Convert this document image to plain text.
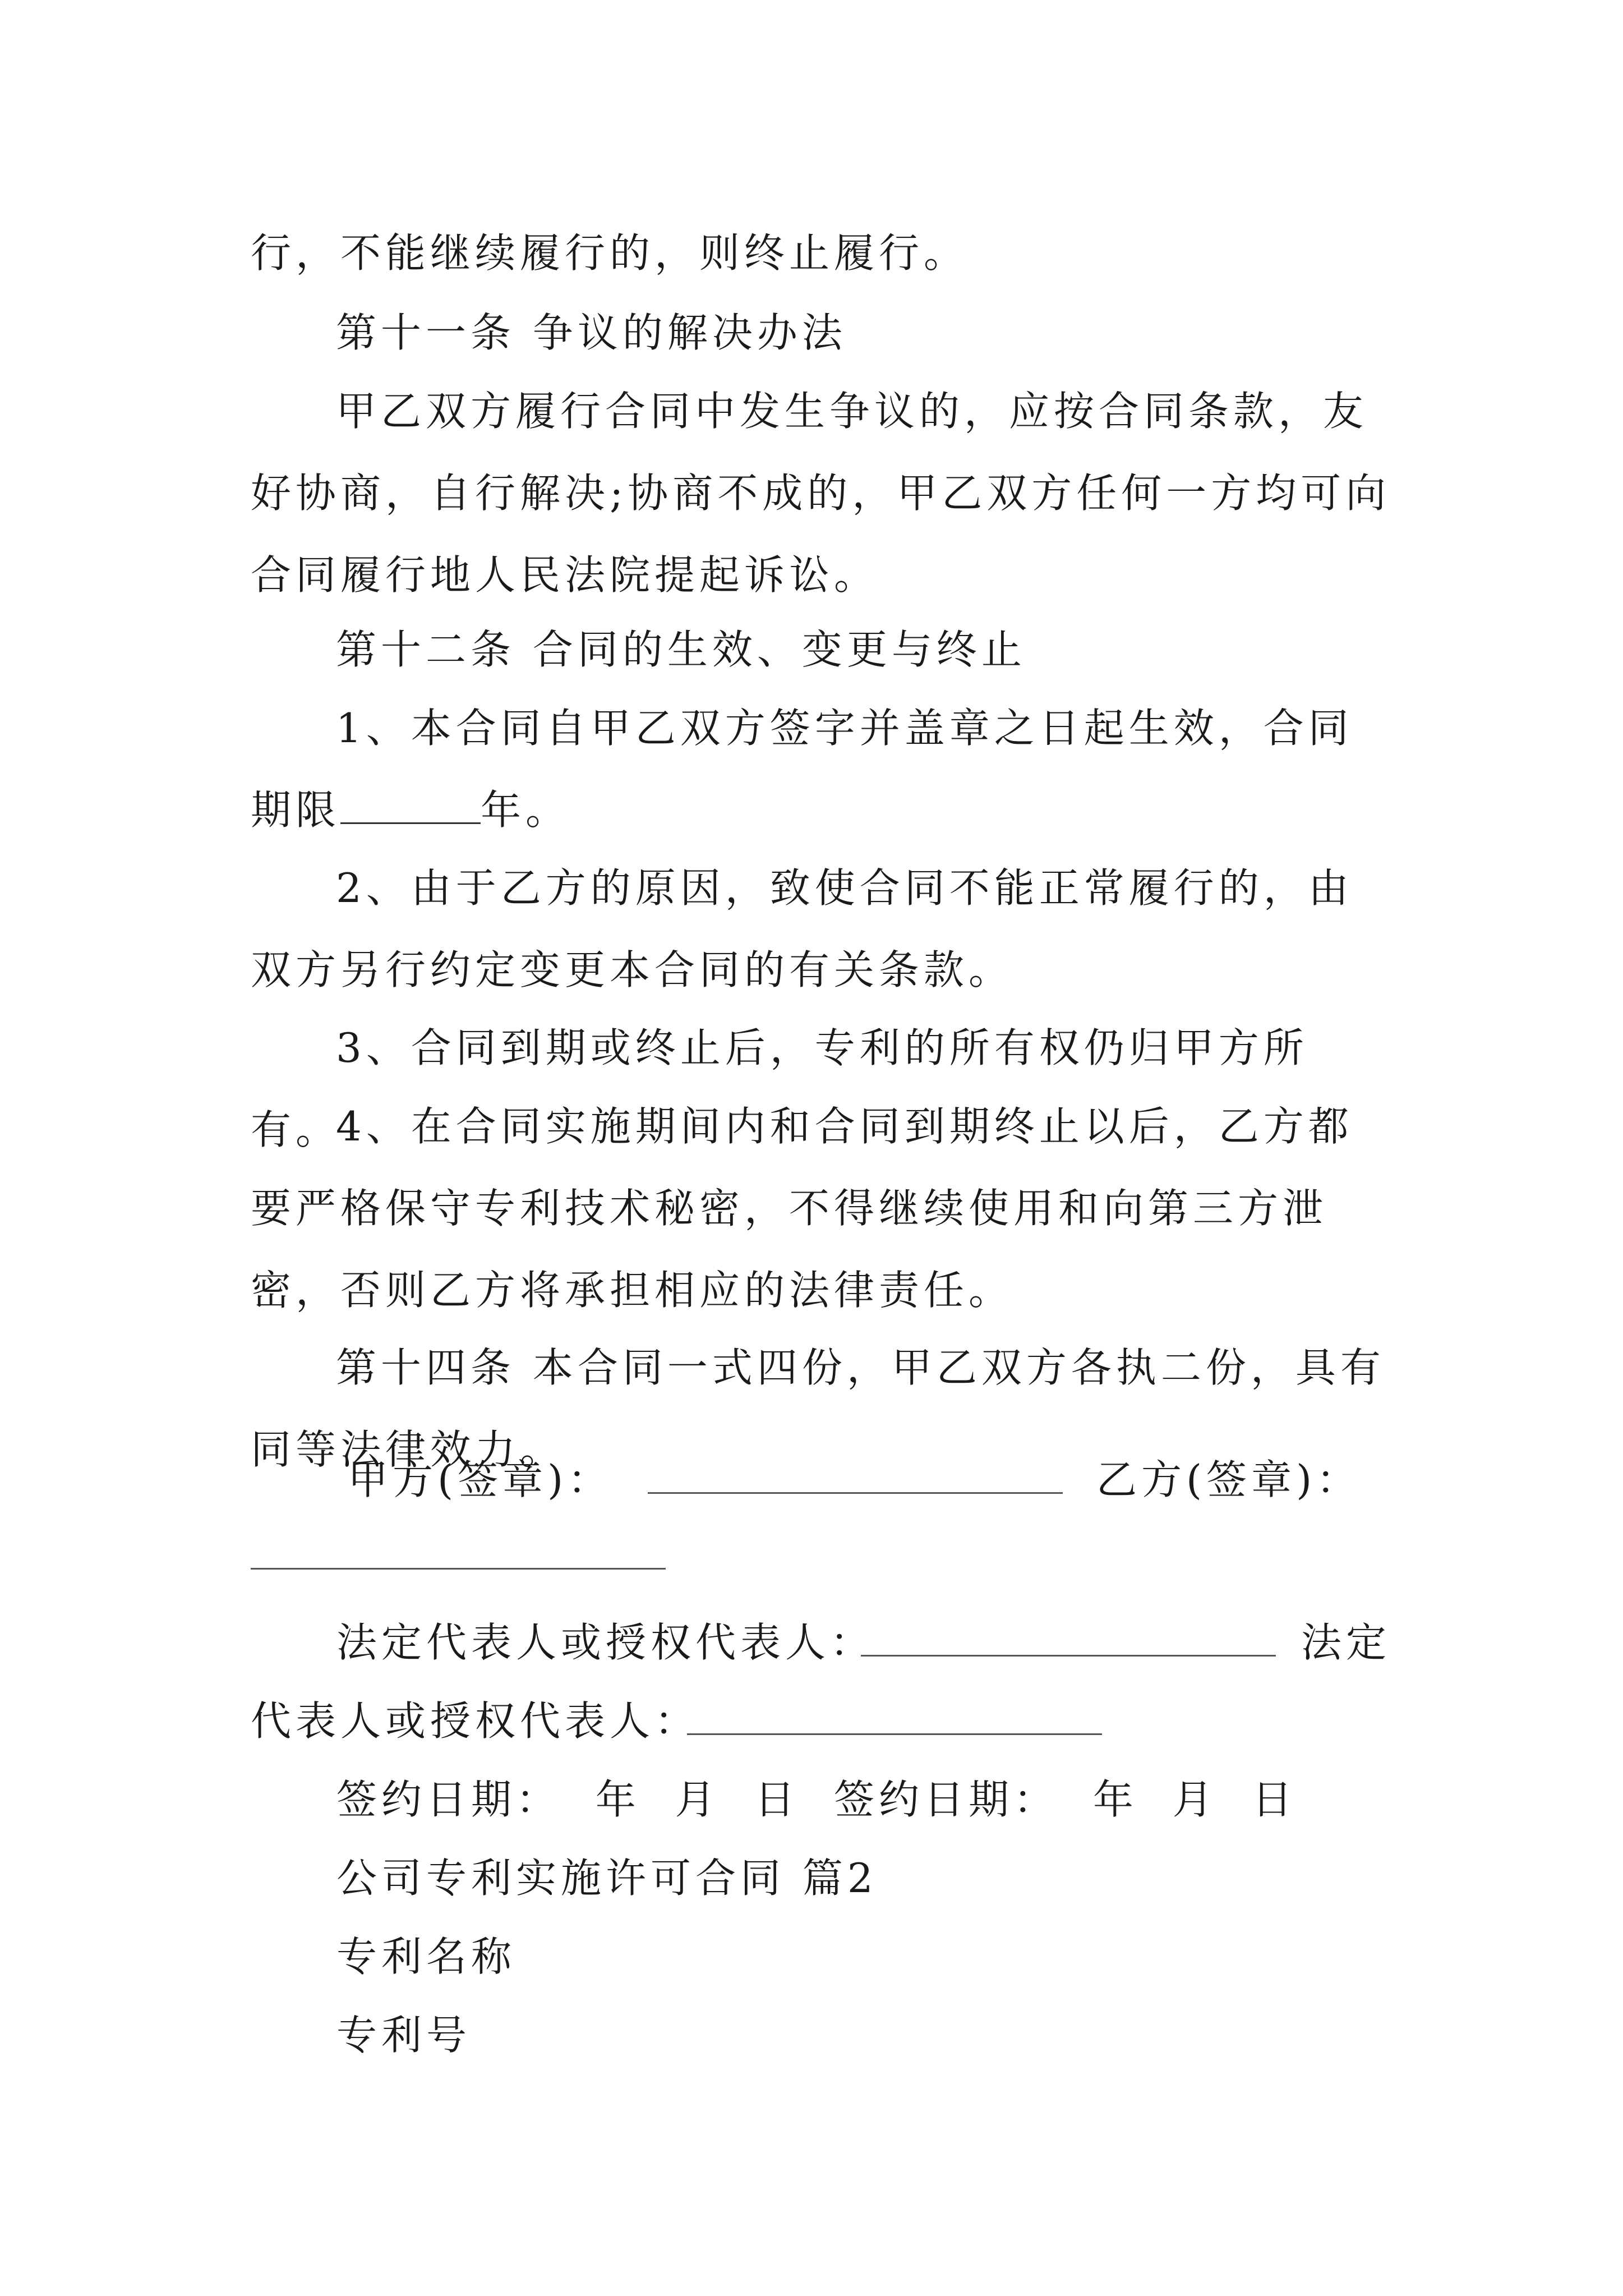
行，不能继续履行的，则终止履行。

第十一条 争议的解决办法

甲乙双方履行合同中发生争议的，应按合同条款，友好协商，自行解决;协商不成的，甲乙双方任何一方均可向合同履行地人民法院提起诉讼。

第十二条 合同的生效、变更与终止

1、本合同自甲乙双方签字并盖章之日起生效，合同期限	年。

2、由于乙方的原因，致使合同不能正常履行的，由双方另行约定变更本合同的有关条款。

3、合同到期或终止后，专利的所有权仍归甲方所有。

4、在合同实施期间内和合同到期终止以后，乙方都要严格保守专利技术秘密，不得继续使用和向第三方泄密，否则乙方将承担相应的法律责任。

第十四条 本合同一式四份，甲乙双方各执二份，具有同等法律效力。

甲方(签章)：	乙方(签章)：

法定代表人或授权代表人：	法定

代表人或授权代表人：

签约日期：  年  月  日  签约日期：  年  月  日

公司专利实施许可合同 篇2

专利名称

专利号
